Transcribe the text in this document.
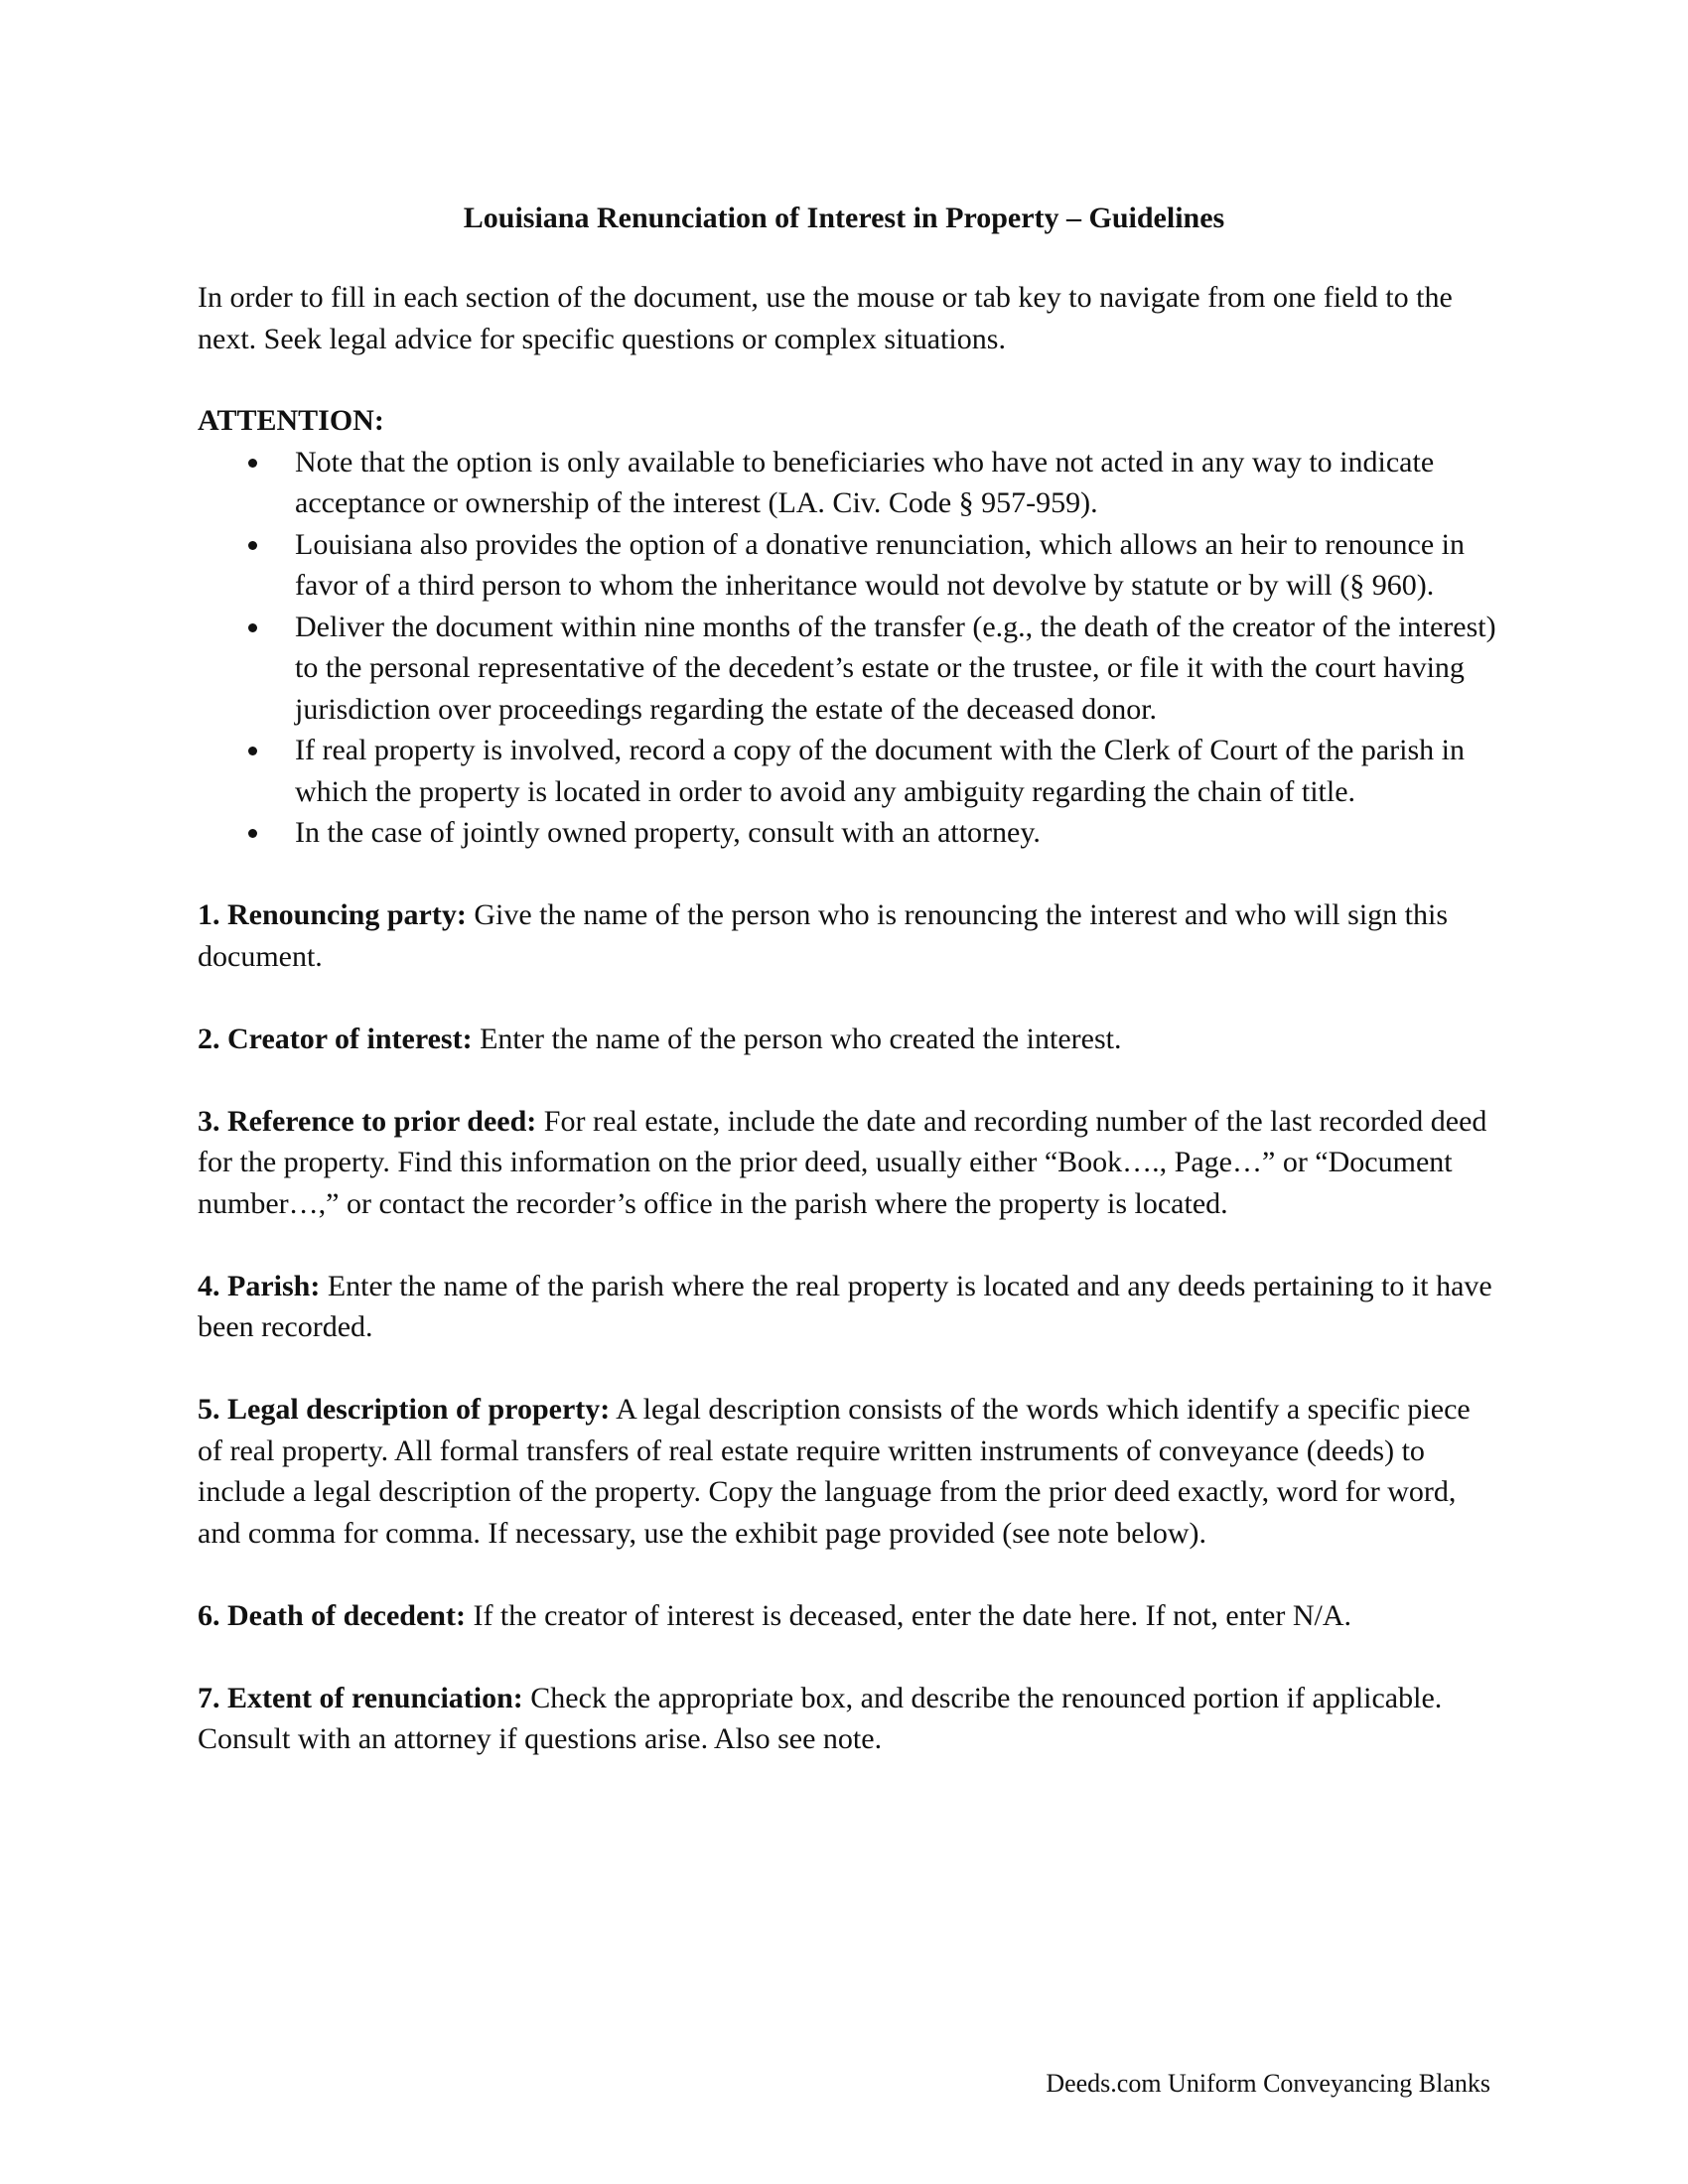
Louisiana Renunciation of Interest in Property – Guidelines

In order to fill in each section of the document, use the mouse or tab key to navigate from one field to the next. Seek legal advice for specific questions or complex situations.

ATTENTION:
Note that the option is only available to beneficiaries who have not acted in any way to indicate acceptance or ownership of the interest (LA. Civ. Code § 957-959).
Louisiana also provides the option of a donative renunciation, which allows an heir to renounce in favor of a third person to whom the inheritance would not devolve by statute or by will (§ 960).
Deliver the document within nine months of the transfer (e.g., the death of the creator of the interest) to the personal representative of the decedent’s estate or the trustee, or file it with the court having jurisdiction over proceedings regarding the estate of the deceased donor.
If real property is involved, record a copy of the document with the Clerk of Court of the parish in which the property is located in order to avoid any ambiguity regarding the chain of title.
In the case of jointly owned property, consult with an attorney.

1. Renouncing party: Give the name of the person who is renouncing the interest and who will sign this document.

2. Creator of interest: Enter the name of the person who created the interest.

3. Reference to prior deed: For real estate, include the date and recording number of the last recorded deed for the property. Find this information on the prior deed, usually either “Book…., Page…” or “Document number…,” or contact the recorder’s office in the parish where the property is located.

4. Parish: Enter the name of the parish where the real property is located and any deeds pertaining to it have been recorded.

5. Legal description of property: A legal description consists of the words which identify a specific piece of real property. All formal transfers of real estate require written instruments of conveyance (deeds) to include a legal description of the property. Copy the language from the prior deed exactly, word for word, and comma for comma. If necessary, use the exhibit page provided (see note below).

6. Death of decedent: If the creator of interest is deceased, enter the date here. If not, enter N/A.

7. Extent of renunciation: Check the appropriate box, and describe the renounced portion if applicable. Consult with an attorney if questions arise. Also see note.

Deeds.com Uniform Conveyancing Blanks
